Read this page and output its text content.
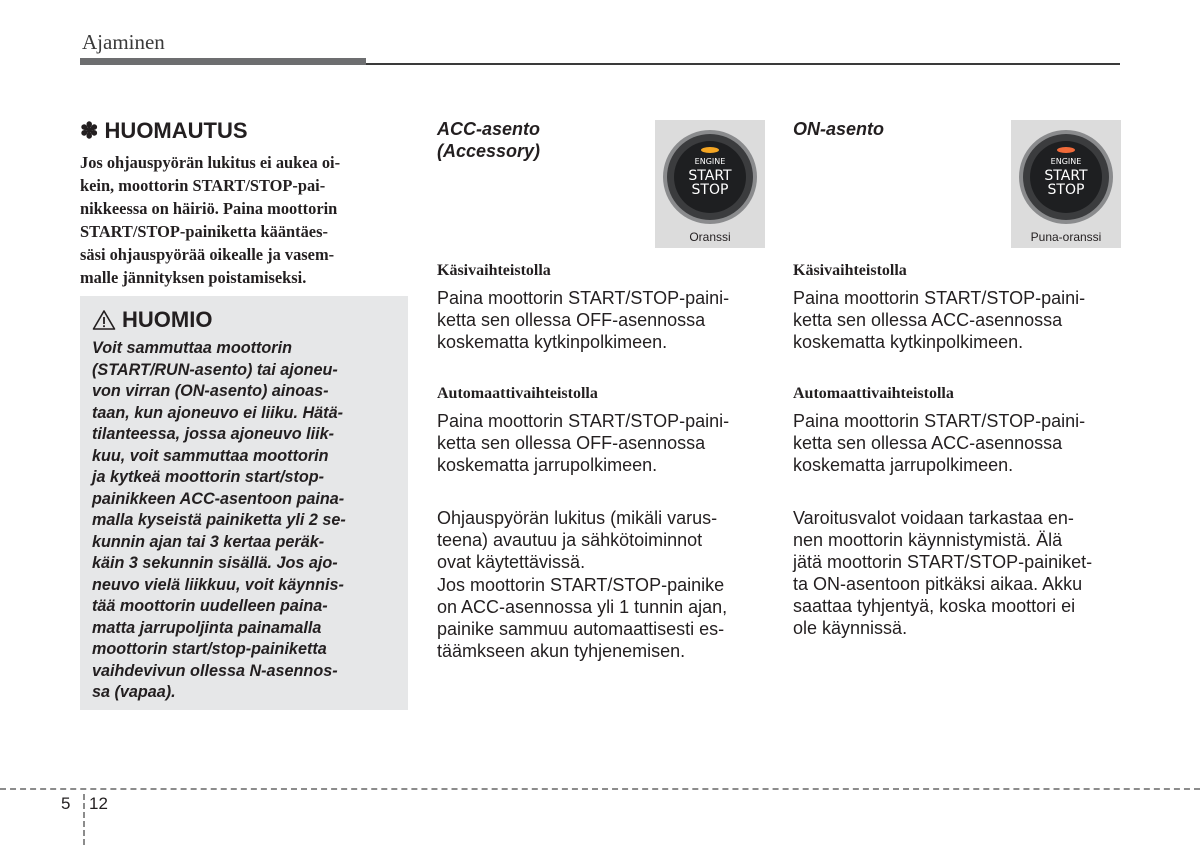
Ajaminen
✽ HUOMAUTUS
Jos ohjauspyörän lukitus ei aukea oi-
kein, moottorin START/STOP-pai-
nikkeessa on häiriö. Paina moottorin
START/STOP-painiketta kääntäes-
säsi ohjauspyörää oikealle ja vasem-
malle jännityksen poistamiseksi.
HUOMIO
Voit sammuttaa moottorin
(START/RUN-asento) tai ajoneu-
von virran (ON-asento) ainoas-
taan, kun ajoneuvo ei liiku. Hätä-
tilanteessa, jossa ajoneuvo liik-
kuu, voit sammuttaa moottorin
ja kytkeä moottorin start/stop-
painikkeen ACC-asentoon paina-
malla kyseistä painiketta yli 2 se-
kunnin ajan tai 3 kertaa peräk-
käin 3 sekunnin sisällä. Jos ajo-
neuvo vielä liikkuu, voit käynnis-
tää moottorin uudelleen paina-
matta jarrupoljinta painamalla
moottorin start/stop-painiketta
vaihdevivun ollessa N-asennos-
sa (vapaa).
ACC-asento
(Accessory)
ENGINE
START
STOP
Oranssi
Käsivaihteistolla
Paina moottorin START/STOP-paini-
ketta sen ollessa OFF-asennossa
koskematta kytkinpolkimeen.
Automaattivaihteistolla
Paina moottorin START/STOP-paini-
ketta sen ollessa OFF-asennossa
koskematta jarrupolkimeen.
Ohjauspyörän lukitus (mikäli varus-
teena) avautuu ja sähkötoiminnot
ovat käytettävissä.
Jos moottorin START/STOP-painike
on ACC-asennossa yli 1 tunnin ajan,
painike sammuu automaattisesti es-
täämkseen akun tyhjenemisen.
ON-asento
ENGINE
START
STOP
Puna-oranssi
Käsivaihteistolla
Paina moottorin START/STOP-paini-
ketta sen ollessa ACC-asennossa
koskematta kytkinpolkimeen.
Automaattivaihteistolla
Paina moottorin START/STOP-paini-
ketta sen ollessa ACC-asennossa
koskematta jarrupolkimeen.
Varoitusvalot voidaan tarkastaa en-
nen moottorin käynnistymistä. Älä
jätä moottorin START/STOP-painiket-
ta ON-asentoon pitkäksi aikaa. Akku
saattaa tyhjentyä, koska moottori ei
ole käynnissä.
5 12
